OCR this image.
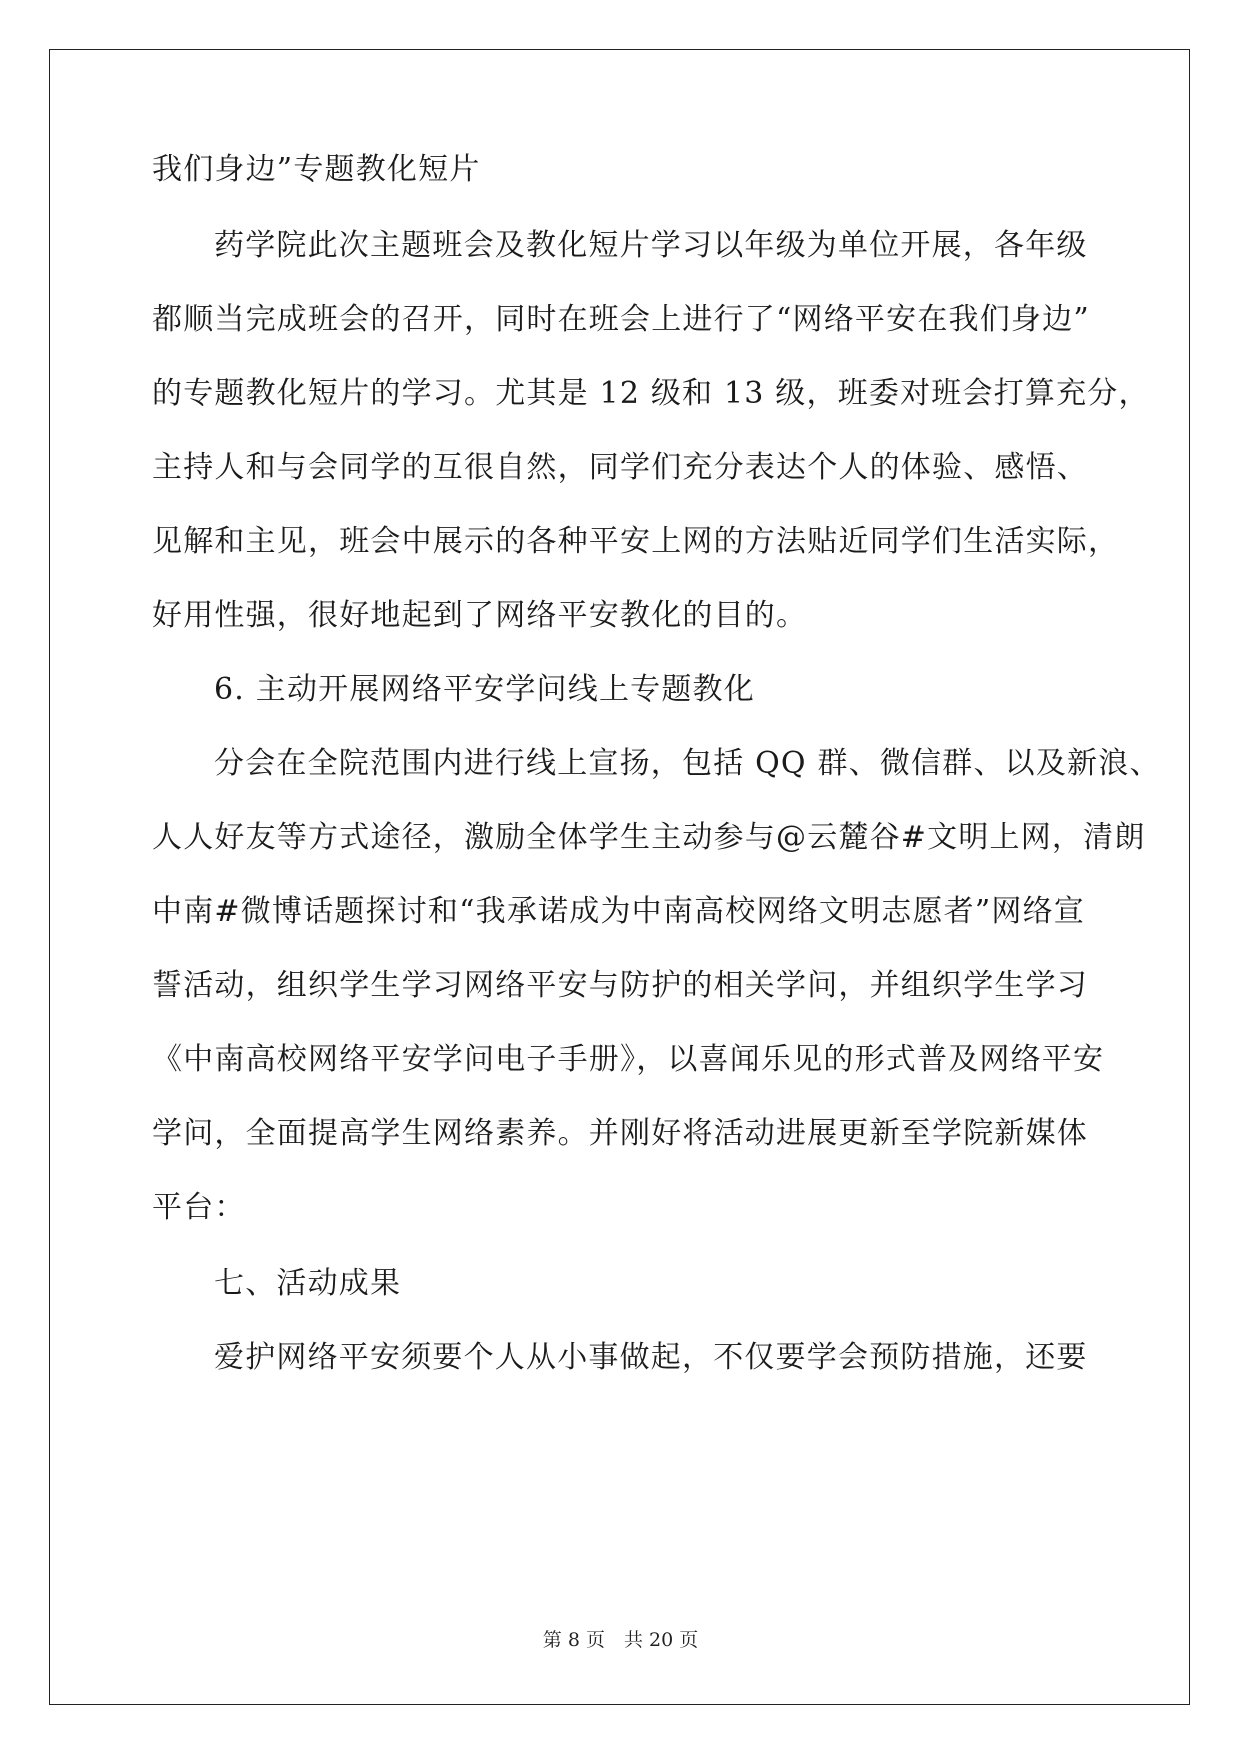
我们身边”专题教化短片
药学院此次主题班会及教化短片学习以年级为单位开展，各年级
都顺当完成班会的召开，同时在班会上进行了“网络平安在我们身边”
的专题教化短片的学习。尤其是 12 级和 13 级，班委对班会打算充分，
主持人和与会同学的互很自然，同学们充分表达个人的体验、感悟、
见解和主见，班会中展示的各种平安上网的方法贴近同学们生活实际，
好用性强，很好地起到了网络平安教化的目的。
6. 主动开展网络平安学问线上专题教化
分会在全院范围内进行线上宣扬，包括 QQ 群、微信群、以及新浪、
人人好友等方式途径，激励全体学生主动参与@云麓谷#文明上网，清朗
中南#微博话题探讨和“我承诺成为中南高校网络文明志愿者”网络宣
誓活动，组织学生学习网络平安与防护的相关学问，并组织学生学习
《中南高校网络平安学问电子手册》，以喜闻乐见的形式普及网络平安
学问，全面提高学生网络素养。并刚好将活动进展更新至学院新媒体
平台：
七、活动成果
爱护网络平安须要个人从小事做起，不仅要学会预防措施，还要
第 8 页　共 20 页
